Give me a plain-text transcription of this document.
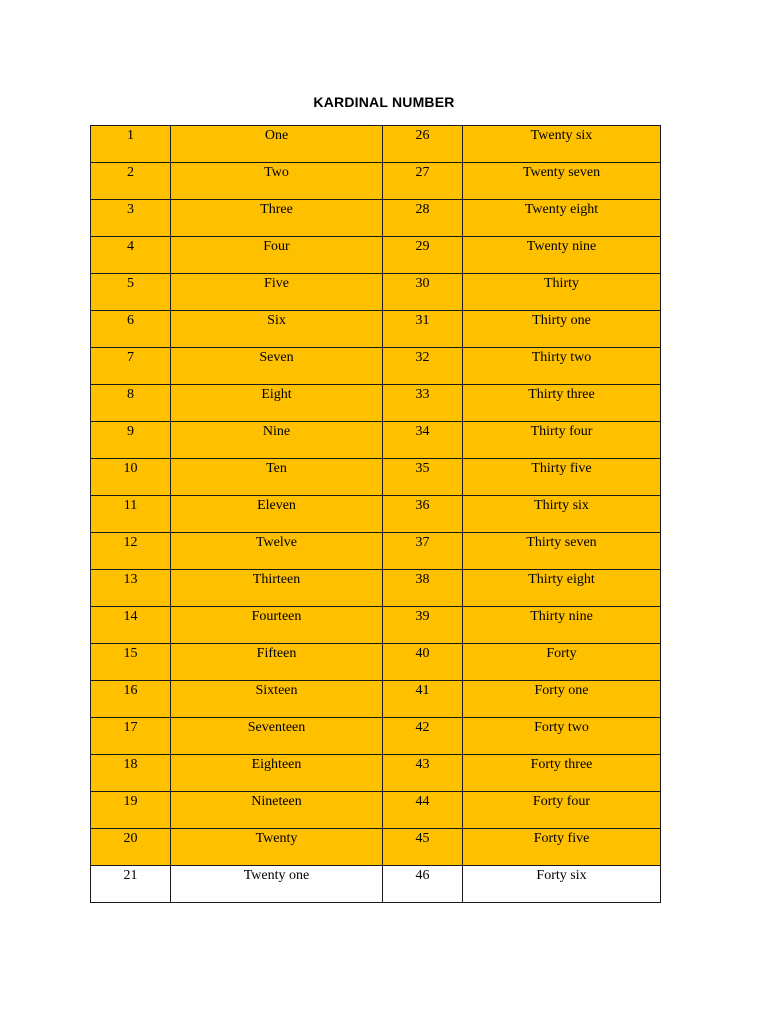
KARDINAL NUMBER
1	One	26	Twenty six
2	Two	27	Twenty seven
3	Three	28	Twenty eight
4	Four	29	Twenty nine
5	Five	30	Thirty
6	Six	31	Thirty one
7	Seven	32	Thirty two
8	Eight	33	Thirty three
9	Nine	34	Thirty four
10	Ten	35	Thirty five
11	Eleven	36	Thirty six
12	Twelve	37	Thirty seven
13	Thirteen	38	Thirty eight
14	Fourteen	39	Thirty nine
15	Fifteen	40	Forty
16	Sixteen	41	Forty one
17	Seventeen	42	Forty two
18	Eighteen	43	Forty three
19	Nineteen	44	Forty four
20	Twenty	45	Forty five
21	Twenty one	46	Forty six
